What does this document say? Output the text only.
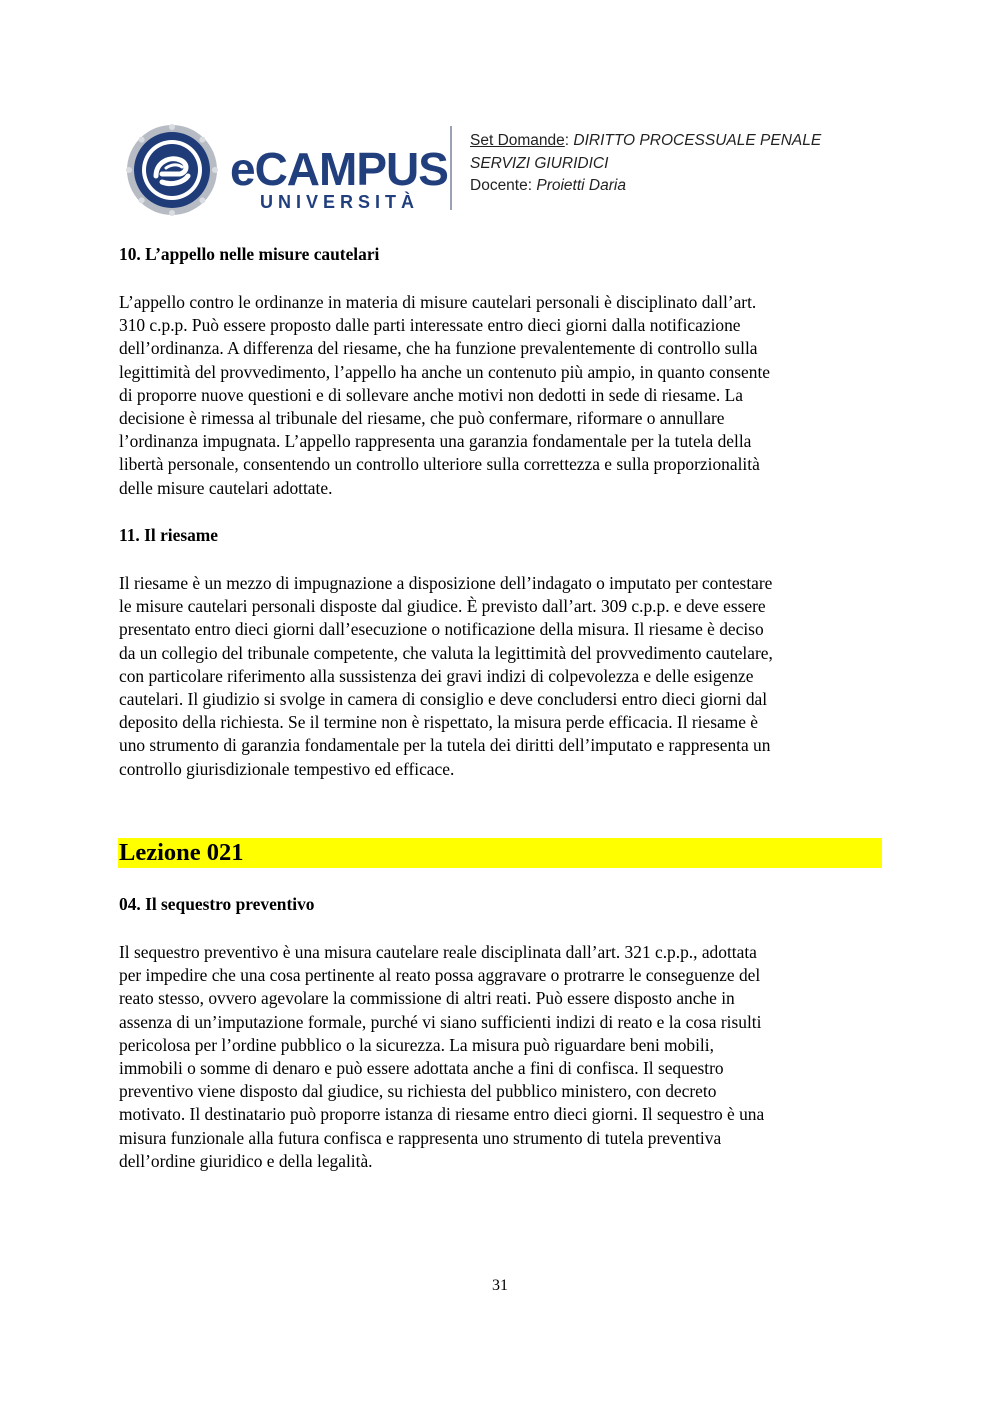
eCAMPUS
UNIVERSITÀ
Set Domande: DIRITTO PROCESSUALE PENALE
SERVIZI GIURIDICI
Docente: Proietti Daria

10. L’appello nelle misure cautelari

L’appello contro le ordinanze in materia di misure cautelari personali è disciplinato dall’art.
310 c.p.p. Può essere proposto dalle parti interessate entro dieci giorni dalla notificazione
dell’ordinanza. A differenza del riesame, che ha funzione prevalentemente di controllo sulla
legittimità del provvedimento, l’appello ha anche un contenuto più ampio, in quanto consente
di proporre nuove questioni e di sollevare anche motivi non dedotti in sede di riesame. La
decisione è rimessa al tribunale del riesame, che può confermare, riformare o annullare
l’ordinanza impugnata. L’appello rappresenta una garanzia fondamentale per la tutela della
libertà personale, consentendo un controllo ulteriore sulla correttezza e sulla proporzionalità
delle misure cautelari adottate.

11. Il riesame

Il riesame è un mezzo di impugnazione a disposizione dell’indagato o imputato per contestare
le misure cautelari personali disposte dal giudice. È previsto dall’art. 309 c.p.p. e deve essere
presentato entro dieci giorni dall’esecuzione o notificazione della misura. Il riesame è deciso
da un collegio del tribunale competente, che valuta la legittimità del provvedimento cautelare,
con particolare riferimento alla sussistenza dei gravi indizi di colpevolezza e delle esigenze
cautelari. Il giudizio si svolge in camera di consiglio e deve concludersi entro dieci giorni dal
deposito della richiesta. Se il termine non è rispettato, la misura perde efficacia. Il riesame è
uno strumento di garanzia fondamentale per la tutela dei diritti dell’imputato e rappresenta un
controllo giurisdizionale tempestivo ed efficace.
Lezione 021

04. Il sequestro preventivo

Il sequestro preventivo è una misura cautelare reale disciplinata dall’art. 321 c.p.p., adottata
per impedire che una cosa pertinente al reato possa aggravare o protrarre le conseguenze del
reato stesso, ovvero agevolare la commissione di altri reati. Può essere disposto anche in
assenza di un’imputazione formale, purché vi siano sufficienti indizi di reato e la cosa risulti
pericolosa per l’ordine pubblico o la sicurezza. La misura può riguardare beni mobili,
immobili o somme di denaro e può essere adottata anche a fini di confisca. Il sequestro
preventivo viene disposto dal giudice, su richiesta del pubblico ministero, con decreto
motivato. Il destinatario può proporre istanza di riesame entro dieci giorni. Il sequestro è una
misura funzionale alla futura confisca e rappresenta uno strumento di tutela preventiva
dell’ordine giuridico e della legalità.
31
